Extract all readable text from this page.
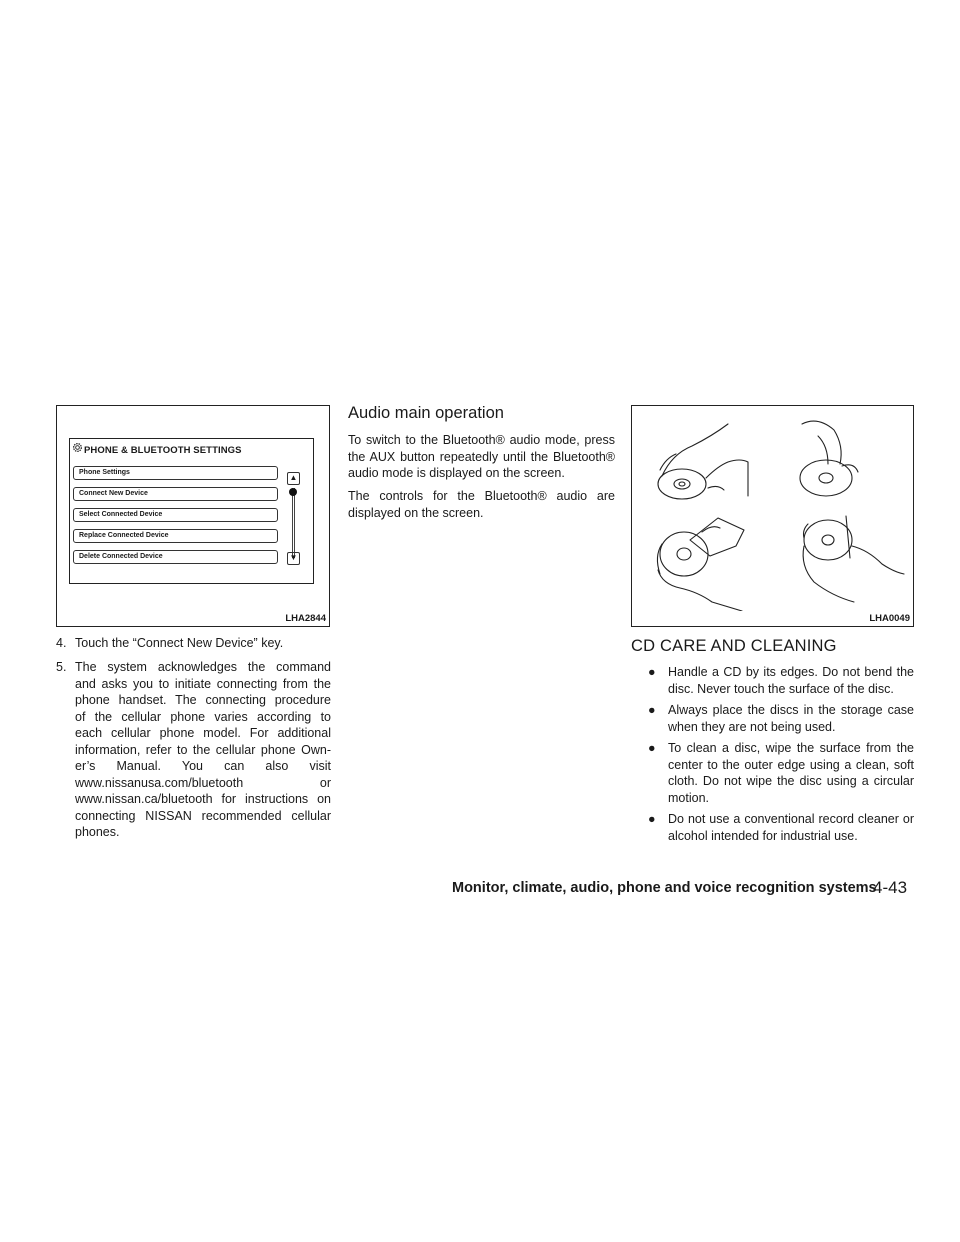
PHONE & BLUETOOTH SETTINGS
Phone Settings
Connect New Device
Select Connected Device
Replace Connected Device
Delete Connected Device
▲
▼
LHA2844	LHA0049
4. Touch the “Connect New Device” key.
5. The system acknowledges the command
and asks you to initiate connecting from the
phone handset. The connecting procedure
of the cellular phone varies according to
each cellular phone model. For additional
information, refer to the cellular phone Own-
er’s Manual. You can also visit
www.nissanusa.com/bluetooth or
www.nissan.ca/bluetooth for instructions on
connecting NISSAN recommended cellular
phones.
Audio main operation

To switch to the Bluetooth® audio mode, press the AUX button repeatedly until the Bluetooth® audio mode is displayed on the screen.

The controls for the Bluetooth® audio are displayed on the screen.

CD CARE AND CLEANING
● Handle a CD by its edges. Do not bend the disc. Never touch the surface of the disc.
● Always place the discs in the storage case when they are not being used.
● To clean a disc, wipe the surface from the center to the outer edge using a clean, soft cloth. Do not wipe the disc using a circular motion.
● Do not use a conventional record cleaner or alcohol intended for industrial use.
Monitor, climate, audio, phone and voice recognition systems
4-43
